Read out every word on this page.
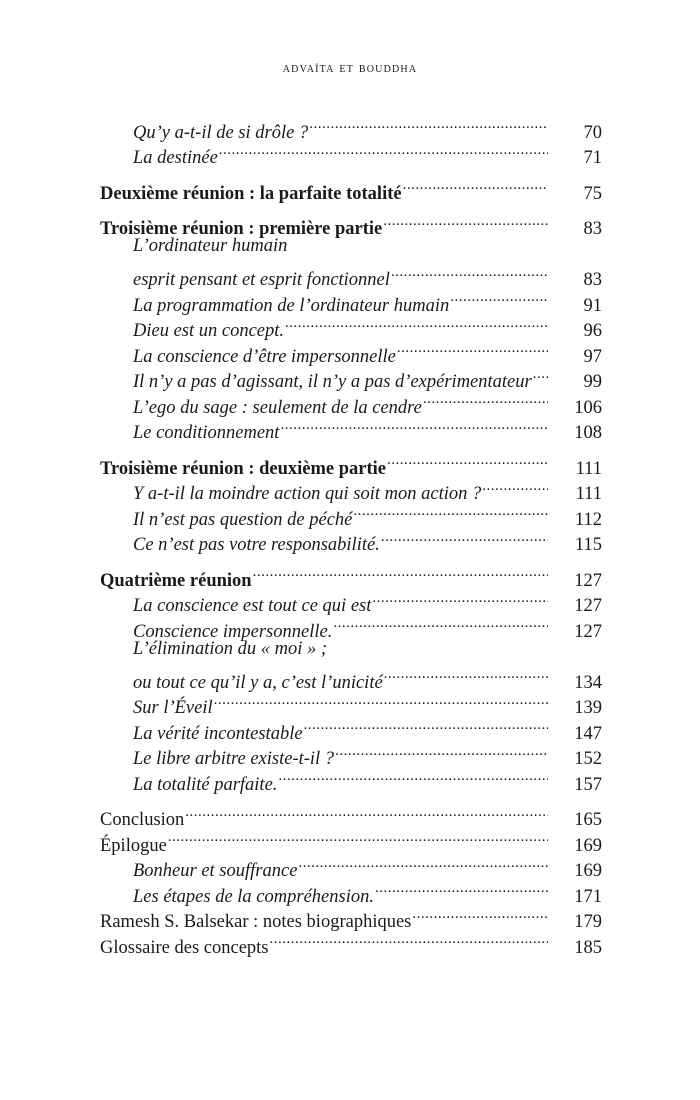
advaïta et bouddha
Qu’y a-t-il de si drôle ? .....	70
La destinée .....	71
Deuxième réunion : la parfaite totalité .....	75
Troisième réunion : première partie .....	83
L’ordinateur humain
esprit pensant et esprit fonctionnel .....	83
La programmation de l’ordinateur humain .....	91
Dieu est un concept. .....	96
La conscience d’être impersonnelle .....	97
Il n’y a pas d’agissant, il n’y a pas d’expérimentateur .....	99
L’ego du sage : seulement de la cendre .....	106
Le conditionnement .....	108
Troisième réunion : deuxième partie .....	111
Y a-t-il la moindre action qui soit mon action ? .....	111
Il n’est pas question de péché .....	112
Ce n’est pas votre responsabilité. .....	115
Quatrième réunion .....	127
La conscience est tout ce qui est .....	127
Conscience impersonnelle. .....	127
L’élimination du « moi » ;
ou tout ce qu’il y a, c’est l’unicité .....	134
Sur l’Éveil .....	139
La vérité incontestable .....	147
Le libre arbitre existe-t-il ? .....	152
La totalité parfaite. .....	157
Conclusion .....	165
Épilogue .....	169
Bonheur et souffrance .....	169
Les étapes de la compréhension. .....	171
Ramesh S. Balsekar : notes biographiques .....	179
Glossaire des concepts .....	185
